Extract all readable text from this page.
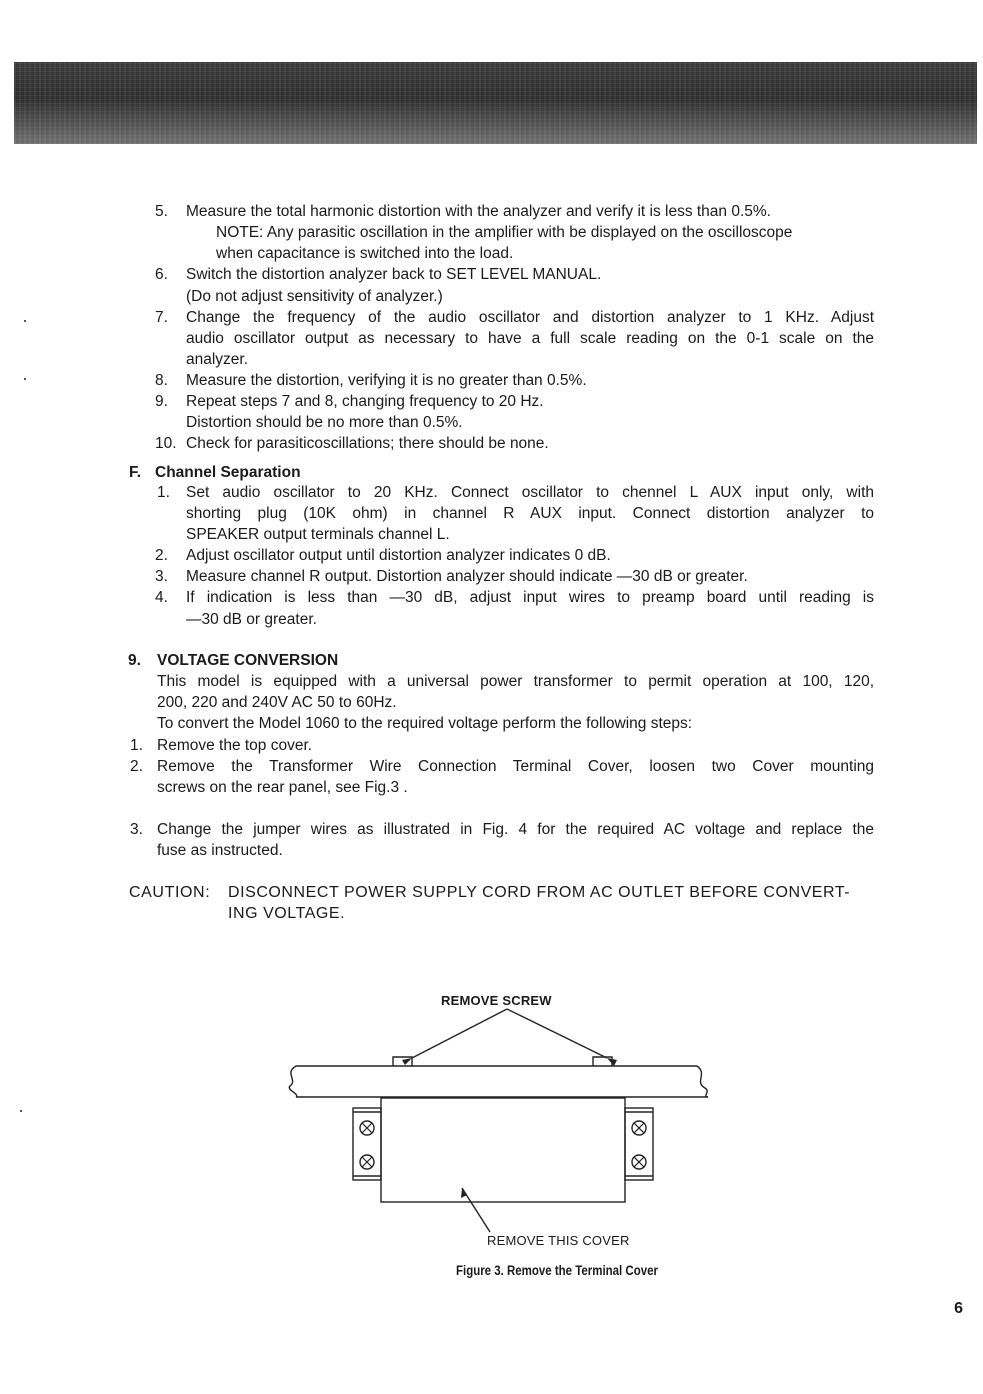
5. Measure the total harmonic distortion with the analyzer and verify it is less than 0.5%.
NOTE: Any parasitic oscillation in the amplifier with be displayed on the oscilloscope
when capacitance is switched into the load.
6. Switch the distortion analyzer back to SET LEVEL MANUAL.
(Do not adjust sensitivity of analyzer.)
7. Change the frequency of the audio oscillator and distortion analyzer to 1 KHz. Adjust
audio oscillator output as necessary to have a full scale reading on the 0-1 scale on the
analyzer.
8. Measure the distortion, verifying it is no greater than 0.5%.
9. Repeat steps 7 and 8, changing frequency to 20 Hz.
Distortion should be no more than 0.5%.
10. Check for parasiticoscillations; there should be none.
F. Channel Separation
1. Set audio oscillator to 20 KHz. Connect oscillator to chennel L AUX input only, with
shorting plug (10K ohm) in channel R AUX input. Connect distortion analyzer to
SPEAKER output terminals channel L.
2. Adjust oscillator output until distortion analyzer indicates 0 dB.
3. Measure channel R output. Distortion analyzer should indicate —30 dB or greater.
4. If indication is less than —30 dB, adjust input wires to preamp board until reading is
—30 dB or greater.
9. VOLTAGE CONVERSION
This model is equipped with a universal power transformer to permit operation at 100, 120,
200, 220 and 240V AC 50 to 60Hz.
To convert the Model 1060 to the required voltage perform the following steps:
1. Remove the top cover.
2. Remove the Transformer Wire Connection Terminal Cover, loosen two Cover mounting
screws on the rear panel, see Fig.3 .
3. Change the jumper wires as illustrated in Fig. 4 for the required AC voltage and replace the
fuse as instructed.
CAUTION: DISCONNECT POWER SUPPLY CORD FROM AC OUTLET BEFORE CONVERT-
ING VOLTAGE.
REMOVE SCREW
REMOVE THIS COVER
Figure 3. Remove the Terminal Cover
6
